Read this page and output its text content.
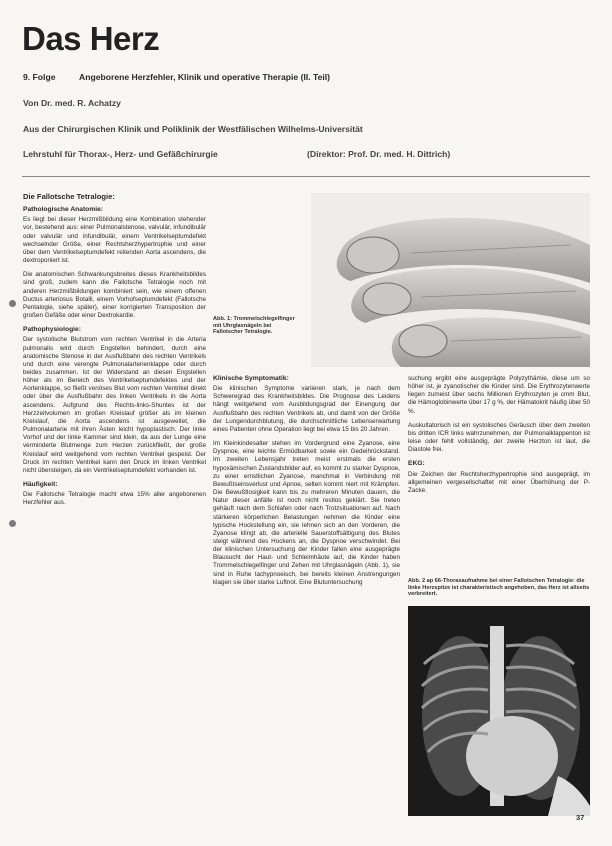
Das Herz
9. Folge	Angeborene Herzfehler, Klinik und operative Therapie (II. Teil)
Von Dr. med. R. Achatzy
Aus der Chirurgischen Klinik und Poliklinik der Westfälischen Wilhelms-Universität
Lehrstuhl für Thorax-, Herz- und Gefäßchirurgie	(Direktor: Prof. Dr. med. H. Dittrich)
Die Fallotsche Tetralogie:
Pathologische Anatomie:

Es liegt bei dieser Herzmißbildung eine Kombination stehender vor, bestehend aus: einer Pulmonalstenose, valvulär, infundibulär oder valvulär und infundibulär, einem Ventrikelseptumdefekt wechselnder Größe, einer Rechtsherzhypertrophie und einer über dem Ventrikelseptumdefekt reitenden Aorta ascendens, die dextroponiert ist.

Die anatomischen Schwankungsbreites dieses Krankheitsbildes sind groß, zudem kann die Fallotsche Tetralogie noch mit anderen Herzmißbildungen kombiniert sein, wie einem offenen Ductus arteriosus Botalli, einem Vorhofseptumdefekt (Fallotsche Pentalogie, siehe später), einer korrigierten Transposition der großen Gefäße oder einer Dextrokardie.

Pathophysiologie:

Der systolische Blutstrom vom rechten Ventrikel in die Arteria pulmonalis wird durch Engstellen behindert, durch eine anatomische Stenose in der Ausflußbahn des rechten Ventrikels und durch eine verengte Pulmonalarterienklappe oder durch beides zusammen. Ist der Widerstand an diesen Engstellen höher als im Bereich des Ventrikelseptumdefektes und der Aortenklappe, so fließt venöses Blut vom rechten Ventrikel direkt oder über die Ausflußbahn des linken Ventrikels in die Aorta ascendens. Aufgrund des Rechts-links-Shuntes ist der Herzzeitvolumen im großen Kreislauf größer als im kleinen Kreislauf, die Aorta ascendens ist ausgeweitet, die Pulmonalarterie mit ihren Ästen leicht hypoplastisch. Der linke Vorhof und der linke Kammer sind klein, da aus der Lunge eine verminderte Blutmenge zum Herzen zurückfließt, der große Kreislauf wird weitgehend vom rechten Ventrikel gespeist. Der Druck im rechten Ventrikel kann den Druck im linken Ventrikel nicht übersteigen, da ein Ventrikelseptumdefekt vorhanden ist.

Häufigkeit:

Die Fallotsche Tetralogie macht etwa 15% aller angeborenen Herzfehler aus.

Abb. 1: Trommelschlegelfinger mit Uhrglasnägeln bei Fallotscher Tetralogie.
Klinische Symptomatik:

Die klinischen Symptome variieren stark, je nach dem Schweregrad des Krankheitsbildes. Die Prognose des Leidens hängt weitgehend vom Ausbildungsgrad der Einengung der Ausflußbahn des rechten Ventrikels ab, und damit von der Größe der Lungendurchblutung, die durchschnittliche Lebenserwartung eines Patienten ohne Operation liegt bei etwa 15 bis 20 Jahren.

Im Kleinkindesalter stehen im Vordergrund eine Zyanose, eine Dyspnoe, eine leichte Ermüdbarkeit sowie ein Gedeihrückstand. Im zweiten Lebensjahr treten meist erstmals die ersten hypoxämischen Zustandsbilder auf, es kommt zu starker Dyspnoe, zu einer ernstlichen Zyanose, manchmal in Verbindung mit Bewußtseinsverlust und Apnoe, selten kommt niert mit Krämpfen. Die Bewußtlosigkeit kann bis zu mehreren Minuten dauern, die Natur dieser anfälle ist noch nicht restlos geklärt. Sie treten gehäuft nach dem Schlafen oder nach Trotzsituationen auf. Nach stärkeren körperlichen Belastungen nehmen die Kinder eine typische Hockstellung ein, sie lehnen sich an den Vorderen, die Zyanose klingt ab, die arterielle Sauerstoffsättigung des Blutes steigt während des Hockens an, die Dyspnoe verschwindet. Bei der klinischen Untersuchung der Kinder fallen eine ausgeprägte Blausucht der Haut- und Schleimhäute auf, die Kinder haben Trommelschlegelfinger und Zehen mit Uhrglasnägeln (Abb. 1), sie sind in Ruhe tachypnoeisch, bei bereits kleinen Anstrengungen klagen sie über starke Luftnot. Eine Blutuntersuchung

suchung ergibt eine ausgeprägte Polyzythämie, diese um so höher ist, je zyanotischer die Kinder sind. Die Erythrozytenwerte liegen zumeist über sechs Millionen Erythrozyten je cmm Blut, die Hämoglobinwerte über 17 g %, der Hämatokrit häufig über 50 %.

Auskultatorisch ist ein systolisches Geräusch über dem zweiten bis dritten ICR links wahrzunehmen, der Pulmonalklappenton ist leise oder fehlt vollständig, der zweite Herzton ist laut, die Diastole frei.

EKG:

Die Zeichen der Rechtsherzhypertrophie sind ausgeprägt, im allgemeinen vergesellschaftet mit einer Überhöhung der P-Zacke.

Abb. 2 ap 66-Thoraxaufnahme bei einer Fallotschen Tetralogie: die linke Herzspitze ist charakteristisch angehoben, das Herz ist allseits verbreitert.
37
